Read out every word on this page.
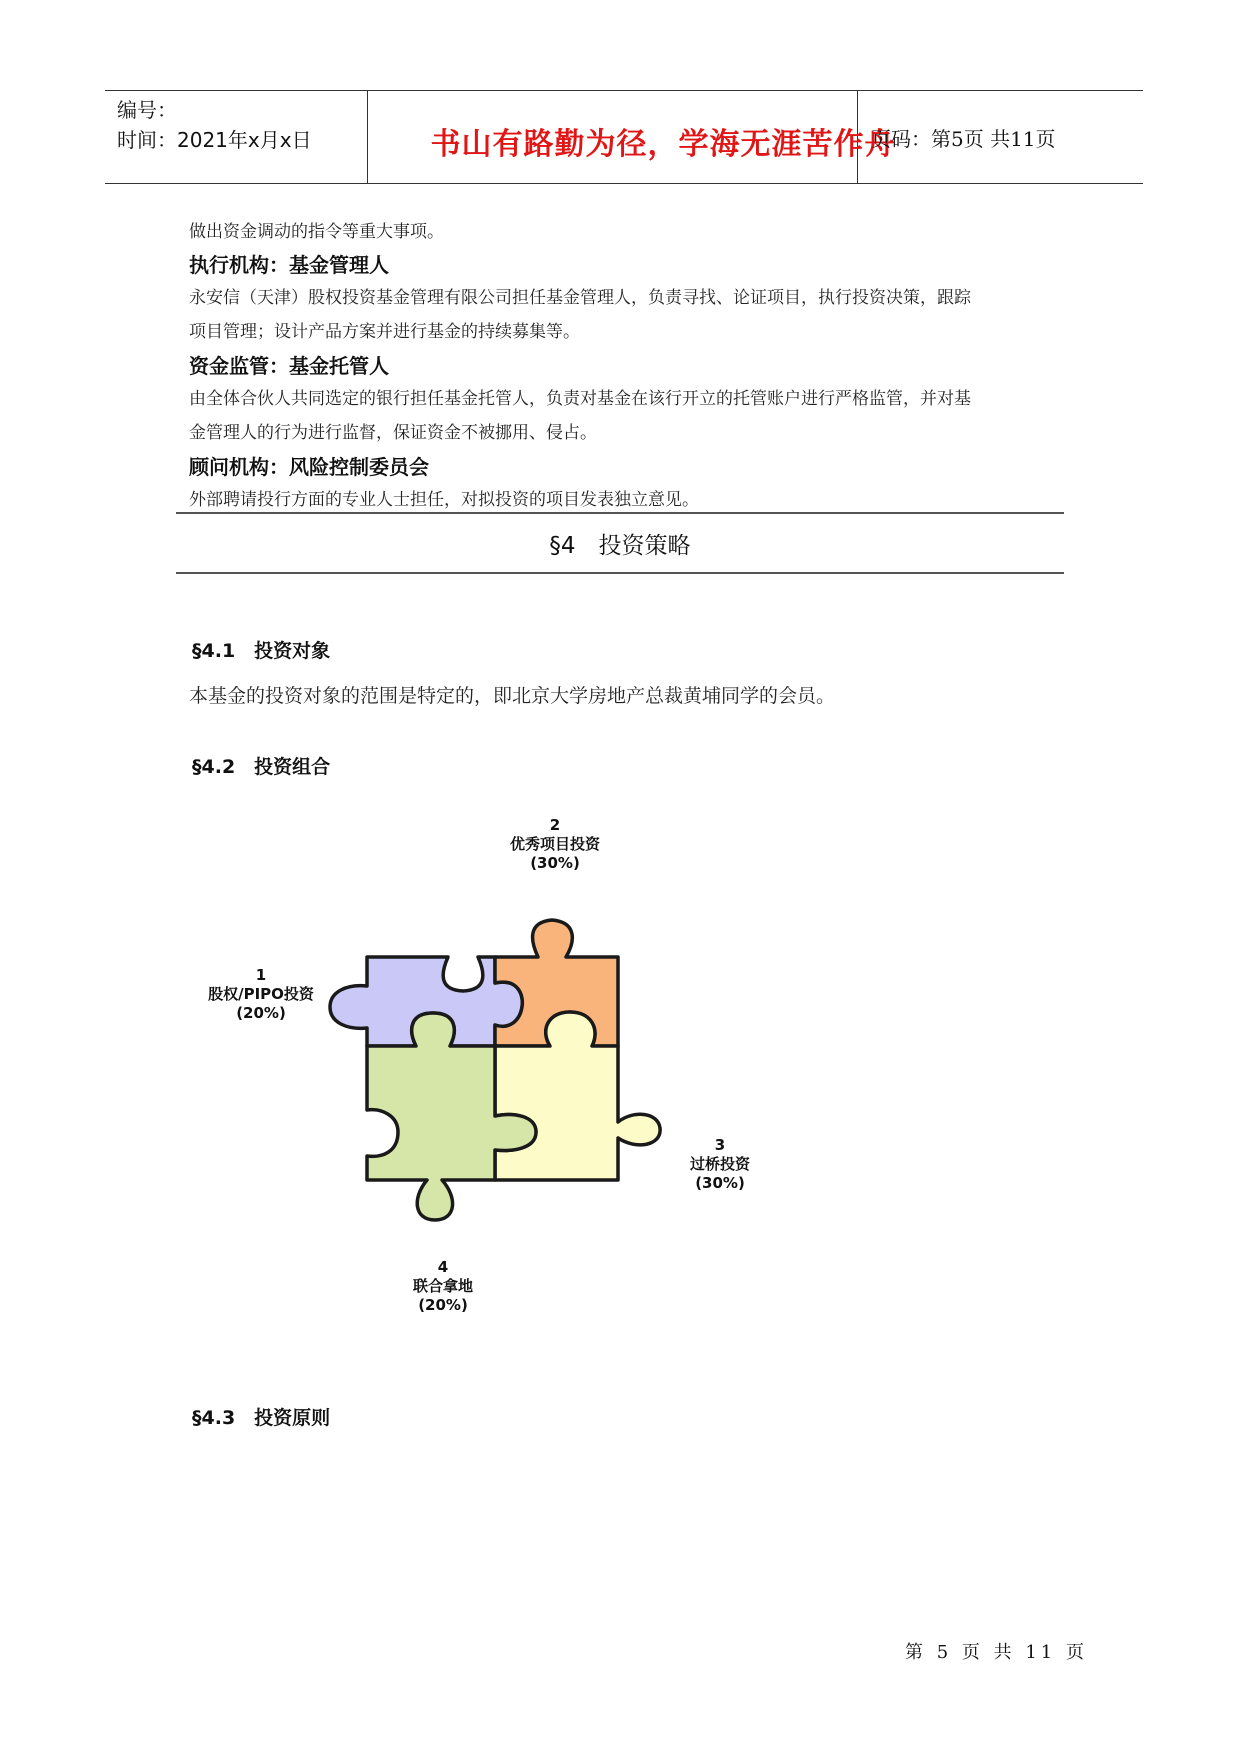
编号：
时间：2021年x月x日	书山有路勤为径，学海无涯苦作舟
页码：第5页 共11页
做出资金调动的指令等重大事项。
执行机构：基金管理人
永安信（天津）股权投资基金管理有限公司担任基金管理人，负责寻找、论证项目，执行投资决策，跟踪
项目管理；设计产品方案并进行基金的持续募集等。
资金监管：基金托管人
由全体合伙人共同选定的银行担任基金托管人，负责对基金在该行开立的托管账户进行严格监管，并对基
金管理人的行为进行监督，保证资金不被挪用、侵占。
顾问机构：风险控制委员会
外部聘请投行方面的专业人士担任，对拟投资的项目发表独立意见。
§4　投资策略
§4.1　投资对象
本基金的投资对象的范围是特定的，即北京大学房地产总裁黄埔同学的会员。
§4.2　投资组合
1
股权/PIPO投资
(20%)
2
优秀项目投资
(30%)
3
过桥投资
(30%)
4
联合拿地
(20%)
§4.3　投资原则
第 5 页 共 11 页
